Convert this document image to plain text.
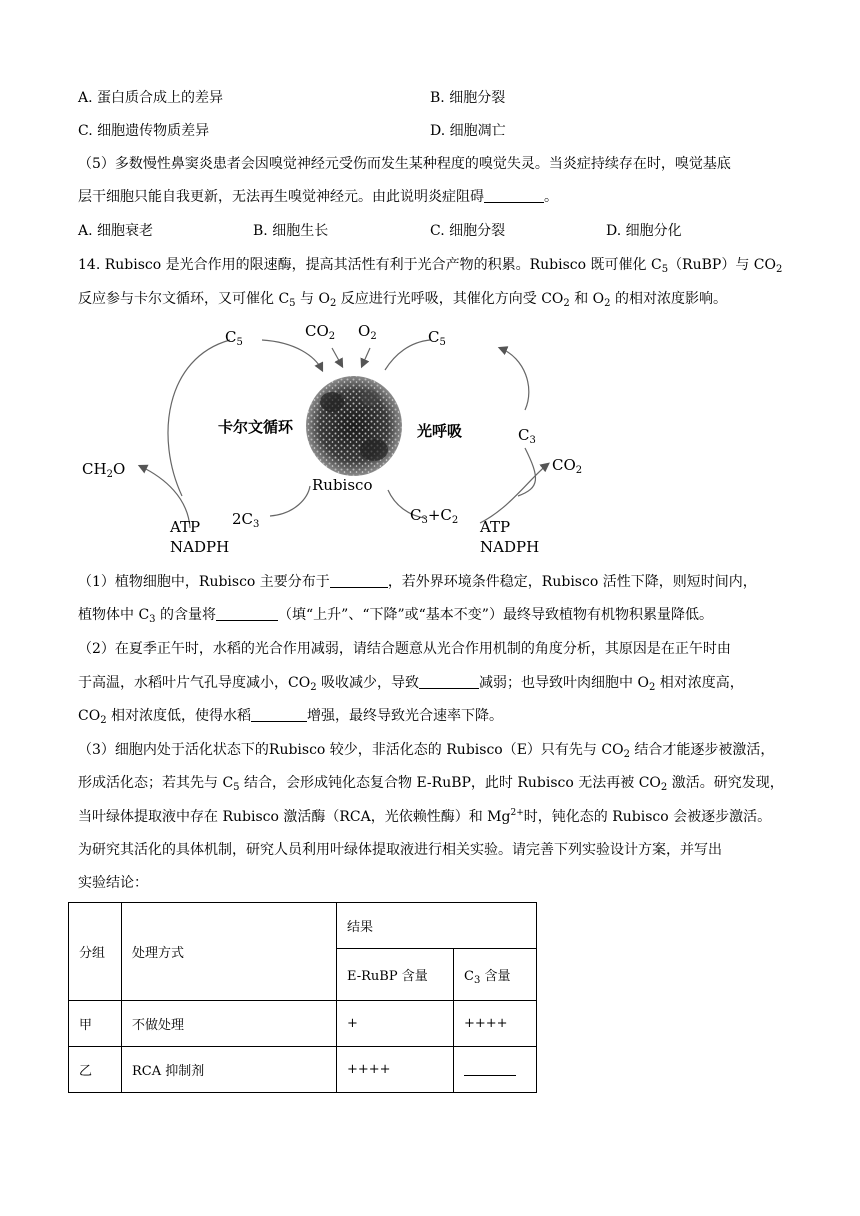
A. 蛋白质合成上的差异	B. 细胞分裂
C. 细胞遗传物质差异	D. 细胞凋亡
（5）多数慢性鼻窦炎患者会因嗅觉神经元受伤而发生某种程度的嗅觉失灵。当炎症持续存在时，嗅觉基底
层干细胞只能自我更新，无法再生嗅觉神经元。由此说明炎症阻碍	。
A. 细胞衰老	B. 细胞生长	C. 细胞分裂	D. 细胞分化
14. Rubisco 是光合作用的限速酶，提高其活性有利于光合产物的积累。Rubisco 既可催化 $C_5(RuBP)$与 $CO_2$
反应参与卡尔文循环，又可催化 $C_5$ 与 $O_2$ 反应进行光呼吸，其催化方向受 $CO_2$ 和 $O_2$ 的相对浓度影响。
$C_5$
$CO_2$ $O_2$	$C_5$
卡尔文循环	光呼吸	$C_3$
$CH_2O$	$CO_2$
Rubisco
$2C_3$
$C_3+C_2$
ATP
NADPH
ATP
NADPH
（1）植物细胞中，Rubisco 主要分布于	，若外界环境条件稳定，Rubisco 活性下降，则短时间内，
植物体中 $C_3$ 的含量将	（填“上升”、“下降”或“基本不变”）最终导致植物有机物积累量降低。
（2）在夏季正午时，水稻的光合作用减弱，请结合题意从光合作用机制的角度分析，其原因是在正午时由
于高温，水稻叶片气孔导度减小，$CO_2$ 吸收减少，导致	减弱；也导致叶肉细胞中 $O_2$ 相对浓度高，
$CO_2$ 相对浓度低，使得水稻	增强，最终导致光合速率下降。
（3）细胞内处于活化状态下的Rubisco 较少，非活化态的 Rubisco（E）只有先与 $CO_2$ 结合才能逐步被激活，
形成活化态；若其先与 $C_5$ 结合，会形成钝化态复合物 E-RuBP，此时 Rubisco 无法再被 $CO_2$ 激活。研究发现，
当叶绿体提取液中存在 Rubisco 激活酶（RCA，光依赖性酶）和 $Mg^{2+}$时，钝化态的 Rubisco 会被逐步激活。
为研究其活化的具体机制，研究人员利用叶绿体提取液进行相关实验。请完善下列实验设计方案，并写出
实验结论：
分组	处理方式	结果	
		E-RuBP 含量	$C_3$ 含量
甲	不做处理	+	++++
乙	RCA 抑制剂	++++	
